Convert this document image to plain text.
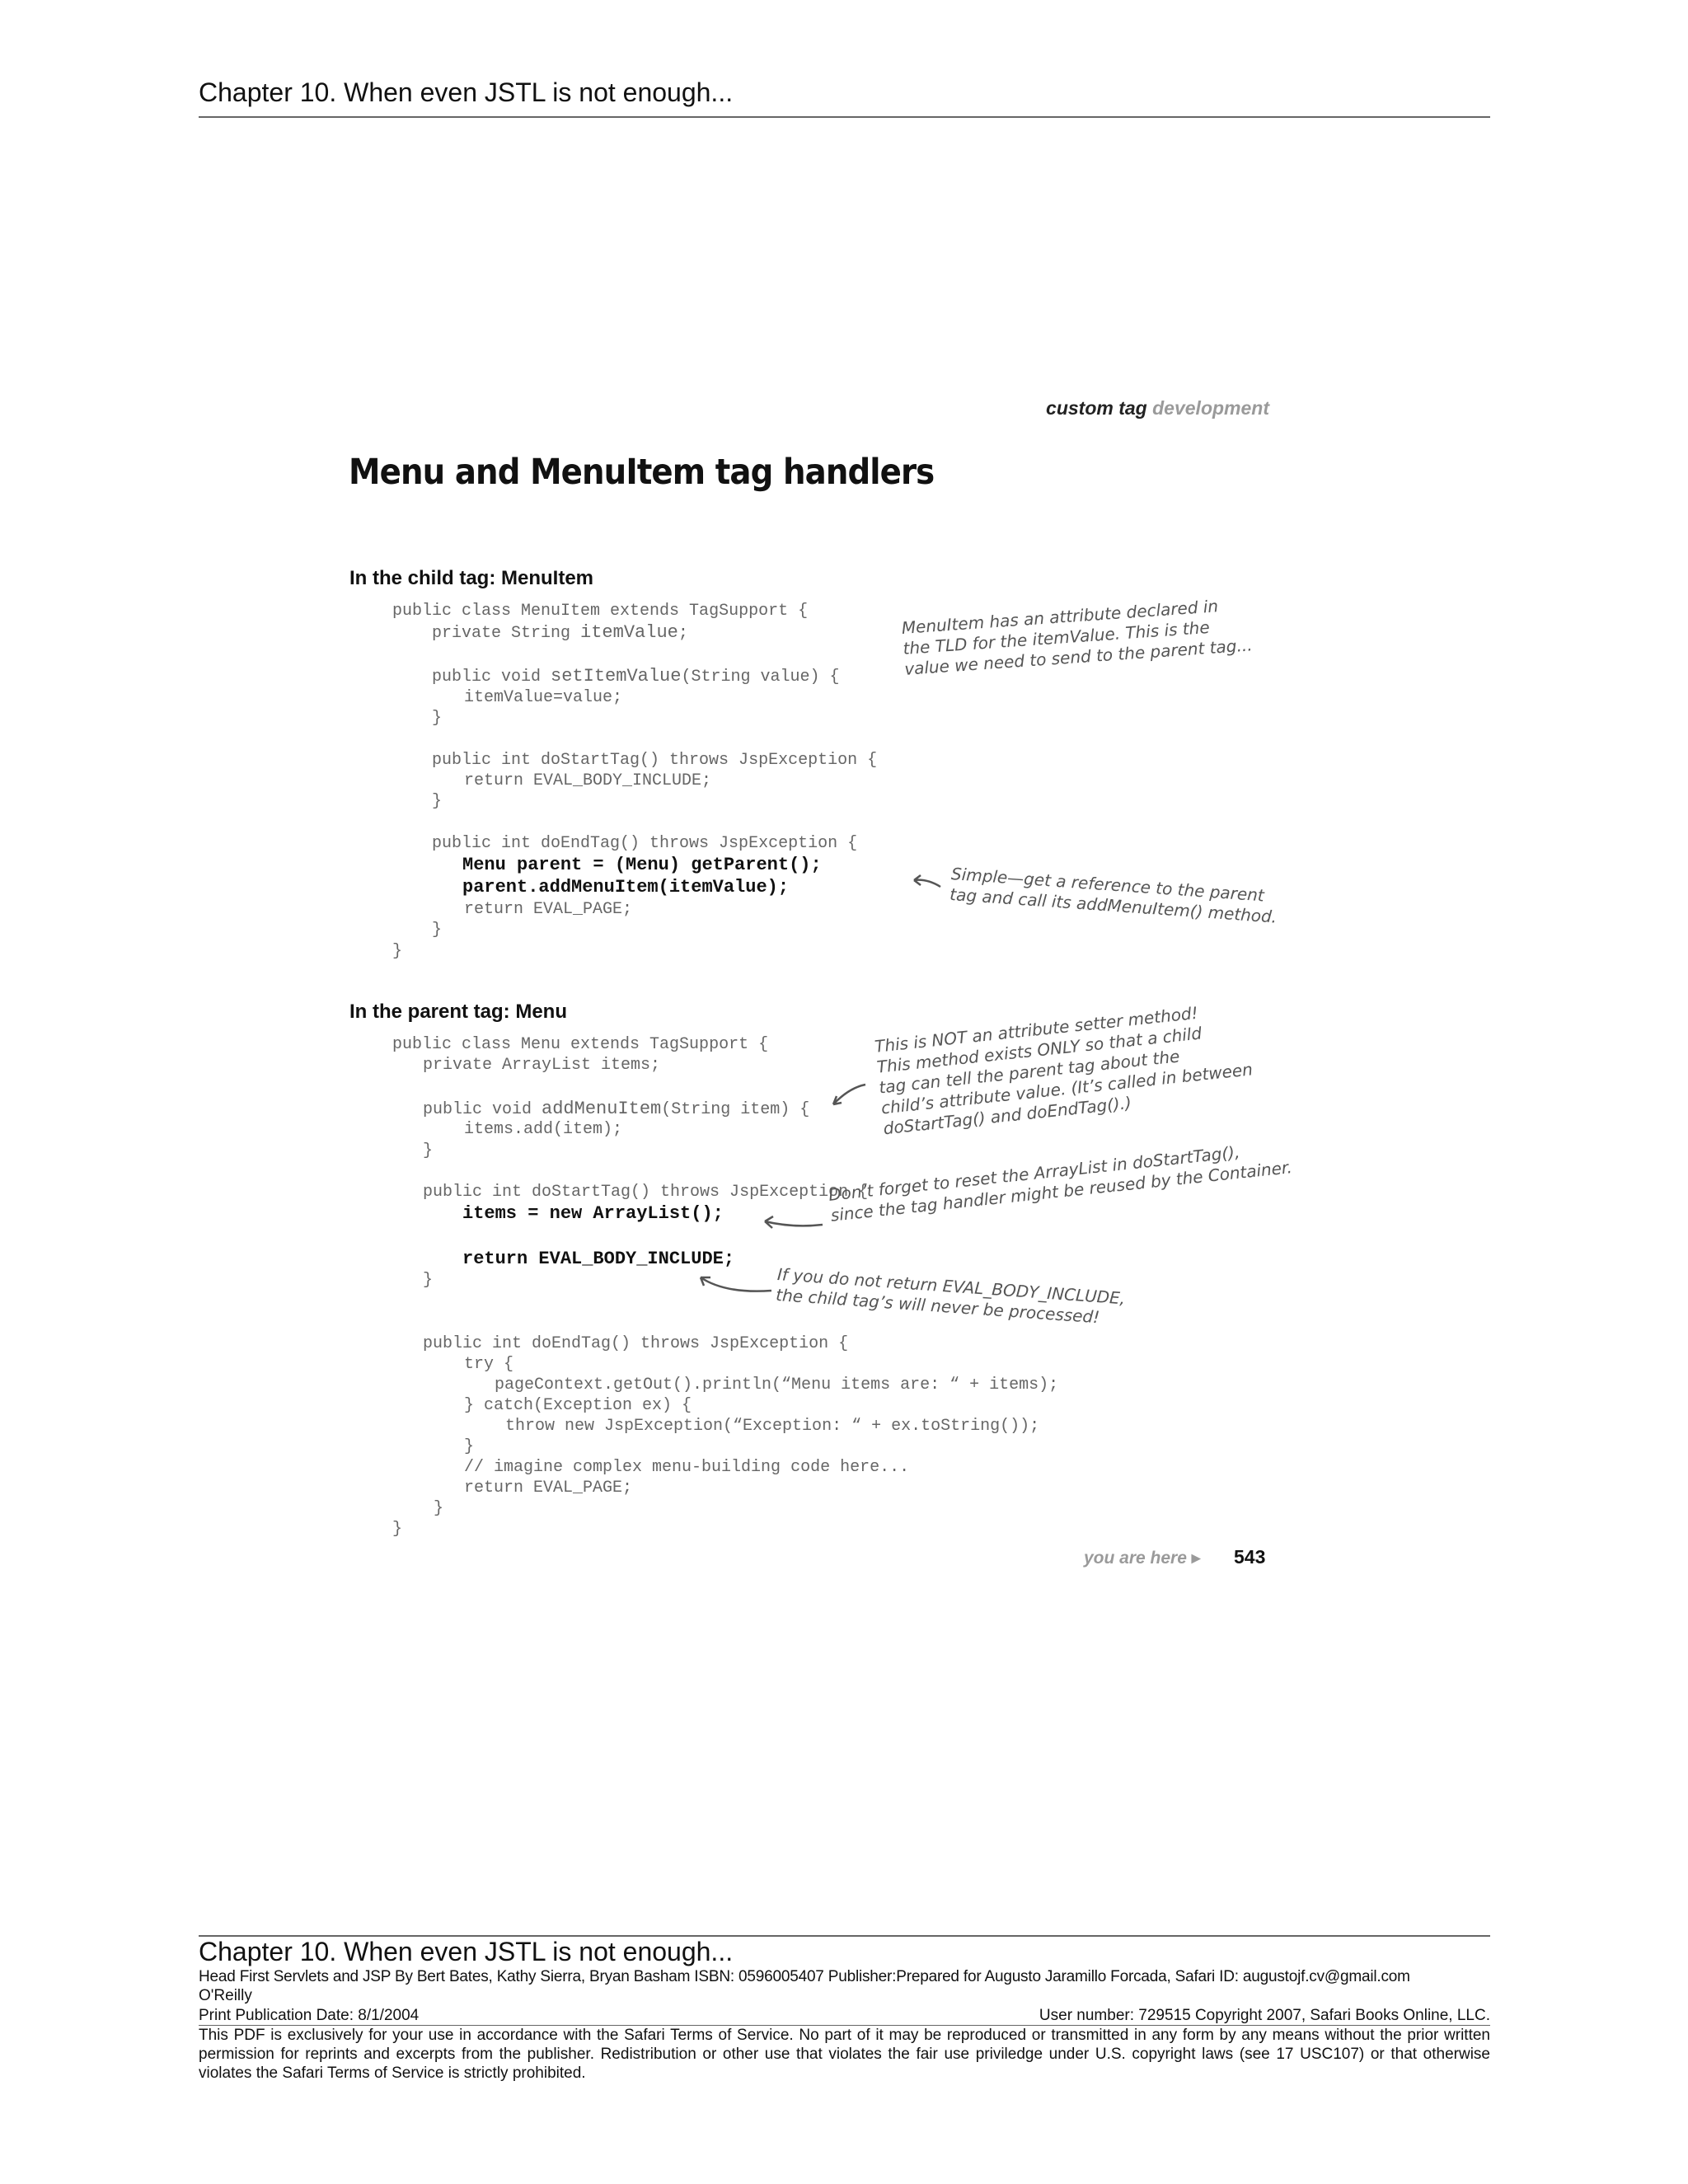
Chapter 10. When even JSTL is not enough...
custom tag development
Menu and MenuItem tag handlers
In the child tag: MenuItem
public class MenuItem extends TagSupport {
private String itemValue;
public void setItemValue(String value) {
itemValue=value;
}
public int doStartTag() throws JspException {
return EVAL_BODY_INCLUDE;
}
public int doEndTag() throws JspException {
Menu parent = (Menu) getParent();
parent.addMenuItem(itemValue);
return EVAL_PAGE;
}
}
MenuItem has an attribute declared in
the TLD for the itemValue. This is the
value we need to send to the parent tag...
Simple—get a reference to the parent
tag and call its addMenuItem() method.
In the parent tag: Menu
public class Menu extends TagSupport {
private ArrayList items;
public void addMenuItem(String item) {
items.add(item);
}
public int doStartTag() throws JspException {
items = new ArrayList();
return EVAL_BODY_INCLUDE;
}
public int doEndTag() throws JspException {
try {
pageContext.getOut().println(“Menu items are: “ + items);
} catch(Exception ex) {
throw new JspException(“Exception: “ + ex.toString());
}
// imagine complex menu-building code here...
return EVAL_PAGE;
}
}
This is NOT an attribute setter method!
This method exists ONLY so that a child
tag can tell the parent tag about the
child’s attribute value. (It’s called in between
doStartTag() and doEndTag().)
Don’t forget to reset the ArrayList in doStartTag(),
since the tag handler might be reused by the Container.
If you do not return EVAL_BODY_INCLUDE,
the child tag’s will never be processed!
you are here ▸ 543
Chapter 10. When even JSTL is not enough...
Head First Servlets and JSP By Bert Bates, Kathy Sierra, Bryan Basham ISBN: 0596005407 Publisher:Prepared for Augusto Jaramillo Forcada, Safari ID: augustojf.cv@gmail.com
O'Reilly
Print Publication Date: 8/1/2004	User number: 729515 Copyright 2007, Safari Books Online, LLC.
This PDF is exclusively for your use in accordance with the Safari Terms of Service. No part of it may be reproduced or transmitted in any form by any means without the prior written permission for reprints and excerpts from the publisher. Redistribution or other use that violates the fair use priviledge under U.S. copyright laws (see 17 USC107) or that otherwise violates the Safari Terms of Service is strictly prohibited.
